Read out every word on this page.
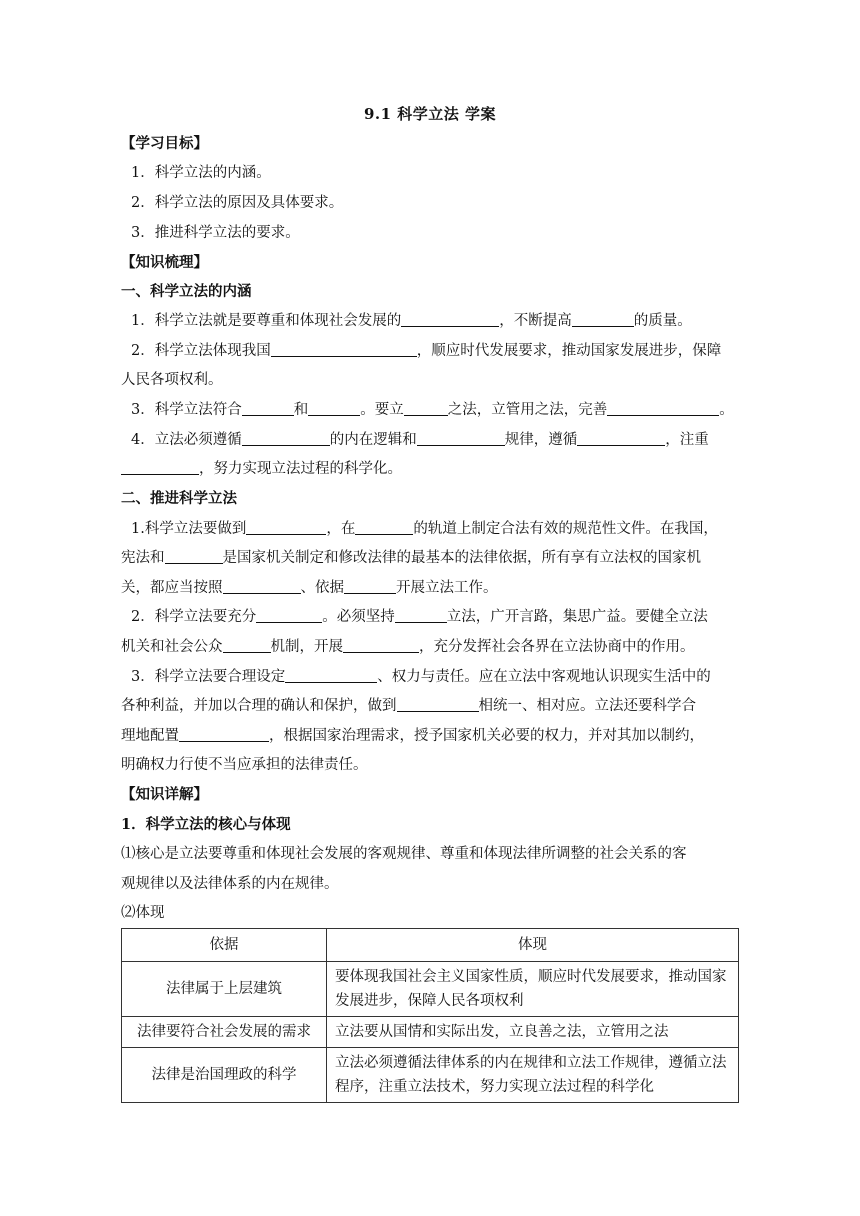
9.1 科学立法 学案
【学习目标】
1．科学立法的内涵。
2．科学立法的原因及具体要求。
3．推进科学立法的要求。
【知识梳理】
一、科学立法的内涵
1．科学立法就是要尊重和体现社会发展的	，不断提高	的质量。
2．科学立法体现我国	，顺应时代发展要求，推动国家发展进步，保障
人民各项权利。
3．科学立法符合	和	。要立	之法，立管用之法，完善	。
4．立法必须遵循	的内在逻辑和	规律，遵循	，注重
，努力实现立法过程的科学化。
二、推进科学立法
1.科学立法要做到	，在	的轨道上制定合法有效的规范性文件。在我国，
宪法和	是国家机关制定和修改法律的最基本的法律依据，所有享有立法权的国家机
关，都应当按照	、依据	开展立法工作。
2．科学立法要充分	。必须坚持	立法，广开言路，集思广益。要健全立法
机关和社会公众	机制，开展	，充分发挥社会各界在立法协商中的作用。
3．科学立法要合理设定	、权力与责任。应在立法中客观地认识现实生活中的
各种利益，并加以合理的确认和保护，做到	相统一、相对应。立法还要科学合
理地配置	，根据国家治理需求，授予国家机关必要的权力，并对其加以制约，
明确权力行使不当应承担的法律责任。
【知识详解】
1．科学立法的核心与体现
⑴核心是立法要尊重和体现社会发展的客观规律、尊重和体现法律所调整的社会关系的客
观规律以及法律体系的内在规律。
⑵体现
依据	体现
法律属于上层建筑	要体现我国社会主义国家性质，顺应时代发展要求，推动国家发展进步，保障人民各项权利
法律要符合社会发展的需求	立法要从国情和实际出发，立良善之法，立管用之法
法律是治国理政的科学	立法必须遵循法律体系的内在规律和立法工作规律，遵循立法程序，注重立法技术，努力实现立法过程的科学化
